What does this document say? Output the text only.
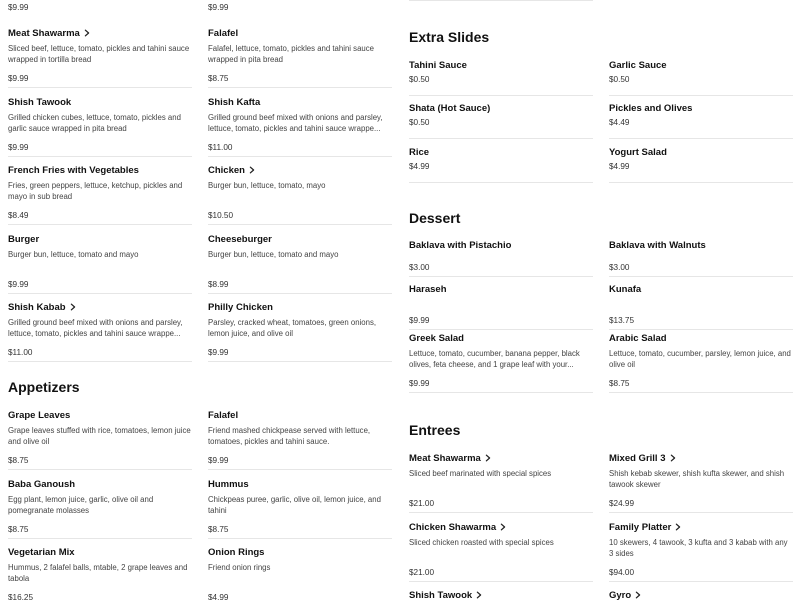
$9.99
Appetizers
Meat Shawarma
Sliced beef, lettuce, tomato, pickles and tahini sauce wrapped in tortilla bread
$9.99
Shish Tawook
Grilled chicken cubes, lettuce, tomato, pickles and garlic sauce wrapped in pita bread
$9.99
French Fries with Vegetables
Fries, green peppers, lettuce, ketchup, pickles and mayo in sub bread
$8.49
Burger
Burger bun, lettuce, tomato and mayo
$9.99
Shish Kabab
Grilled ground beef mixed with onions and parsley, lettuce, tomato, pickles and tahini sauce wrappe...
$11.00
Grape Leaves
Grape leaves stuffed with rice, tomatoes, lemon juice and olive oil
$8.75
Baba Ganoush
Egg plant, lemon juice, garlic, olive oil and pomegranate molasses
$8.75
Vegetarian Mix
Hummus, 2 falafel balls, mtable, 2 grape leaves and tabola
$16.25
$9.99
Falafel
Falafel, lettuce, tomato, pickles and tahini sauce wrapped in pita bread
$8.75
Shish Kafta
Grilled ground beef mixed with onions and parsley, lettuce, tomato, pickles and tahini sauce wrappe...
$11.00
Chicken
Burger bun, lettuce, tomato, mayo
$10.50
Cheeseburger
Burger bun, lettuce, tomato and mayo
$8.99
Philly Chicken
Parsley, cracked wheat, tomatoes, green onions, lemon juice, and olive oil
$9.99
Falafel
Friend mashed chickpease served with lettuce, tomatoes, pickles and tahini sauce.
$9.99
Hummus
Chickpeas puree, garlic, olive oil, lemon juice, and tahini
$8.75
Onion Rings
Friend onion rings
$4.99
Extra Slides
Dessert
Entrees
Tahini Sauce
$0.50
Shata (Hot Sauce)
$0.50
Rice
$4.99
Baklava with Pistachio
$3.00
Haraseh
$9.99
Greek Salad
Lettuce, tomato, cucumber, banana pepper, black olives, feta cheese, and 1 grape leaf with your...
$9.99
Meat Shawarma
Sliced beef marinated with special spices
$21.00
Chicken Shawarma
Sliced chicken roasted with special spices
$21.00
Shish Tawook
Garlic Sauce
$0.50
Pickles and Olives
$4.49
Yogurt Salad
$4.99
Baklava with Walnuts
$3.00
Kunafa
$13.75
Arabic Salad
Lettuce, tomato, cucumber, parsley, lemon juice, and olive oil
$8.75
Mixed Grill 3
Shish kebab skewer, shish kufta skewer, and shish tawook skewer
$24.99
Family Platter
10 skewers, 4 tawook, 3 kufta and 3 kabab with any 3 sides
$94.00
Gyro
